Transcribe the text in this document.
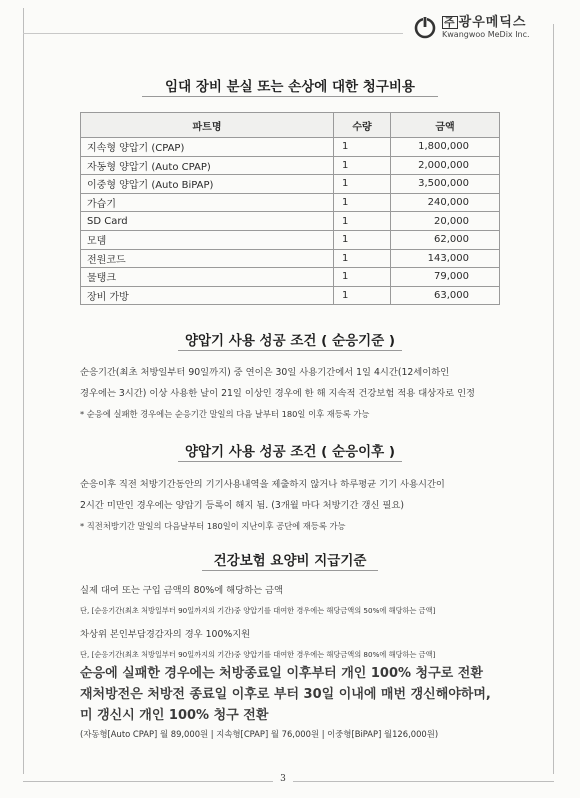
주 광우메딕스
Kwangwoo MeDix Inc.
임대 장비 분실 또는 손상에 대한 청구비용
파트명	수량	금액
지속형 양압기 (CPAP)	1	1,800,000
자동형 양압기 (Auto CPAP)	1	2,000,000
이중형 양압기 (Auto BiPAP)	1	3,500,000
가습기	1	240,000
SD Card	1	20,000
모뎀	1	62,000
전원코드	1	143,000
물탱크	1	79,000
장비 가방	1	63,000
양압기 사용 성공 조건 ( 순응기준 )
순응기간(최초 처방일부터 90일까지) 중 연이은 30일 사용기간에서 1일 4시간(12세이하인
경우에는 3시간) 이상 사용한 날이 21일 이상인 경우에 한 해 지속적 건강보험 적용 대상자로 인정
* 순응에 실패한 경우에는 순응기간 말일의 다음 날부터 180일 이후 재등록 가능
양압기 사용 성공 조건 ( 순응이후 )
순응이후 직전 처방기간동안의 기기사용내역을 제출하지 않거나 하루평균 기기 사용시간이
2시간 미만인 경우에는 양압기 등록이 해지 됨. (3개월 마다 처방기간 갱신 필요)
* 직전처방기간 말일의 다음날부터 180일이 지난이후 공단에 재등록 가능
건강보험 요양비 지급기준
실제 대여 또는 구입 금액의 80%에 해당하는 금액
단, [순응기간(최초 처방일부터 90일까지의 기간)중 양압기를 대여한 경우에는 해당금액의 50%에 해당하는 금액]
차상위 본인부담경감자의 경우 100%지원
단, [순응기간(최초 처방일부터 90일까지의 기간)중 양압기를 대여한 경우에는 해당금액의 80%에 해당하는 금액]
순응에 실패한 경우에는 처방종료일 이후부터 개인 100% 청구로 전환
재처방전은 처방전 종료일 이후로 부터 30일 이내에 매번 갱신해야하며,
미 갱신시 개인 100% 청구 전환
(자동형[Auto CPAP] 월 89,000원 | 지속형[CPAP] 월 76,000원 | 이중형[BiPAP] 월126,000원)
3
